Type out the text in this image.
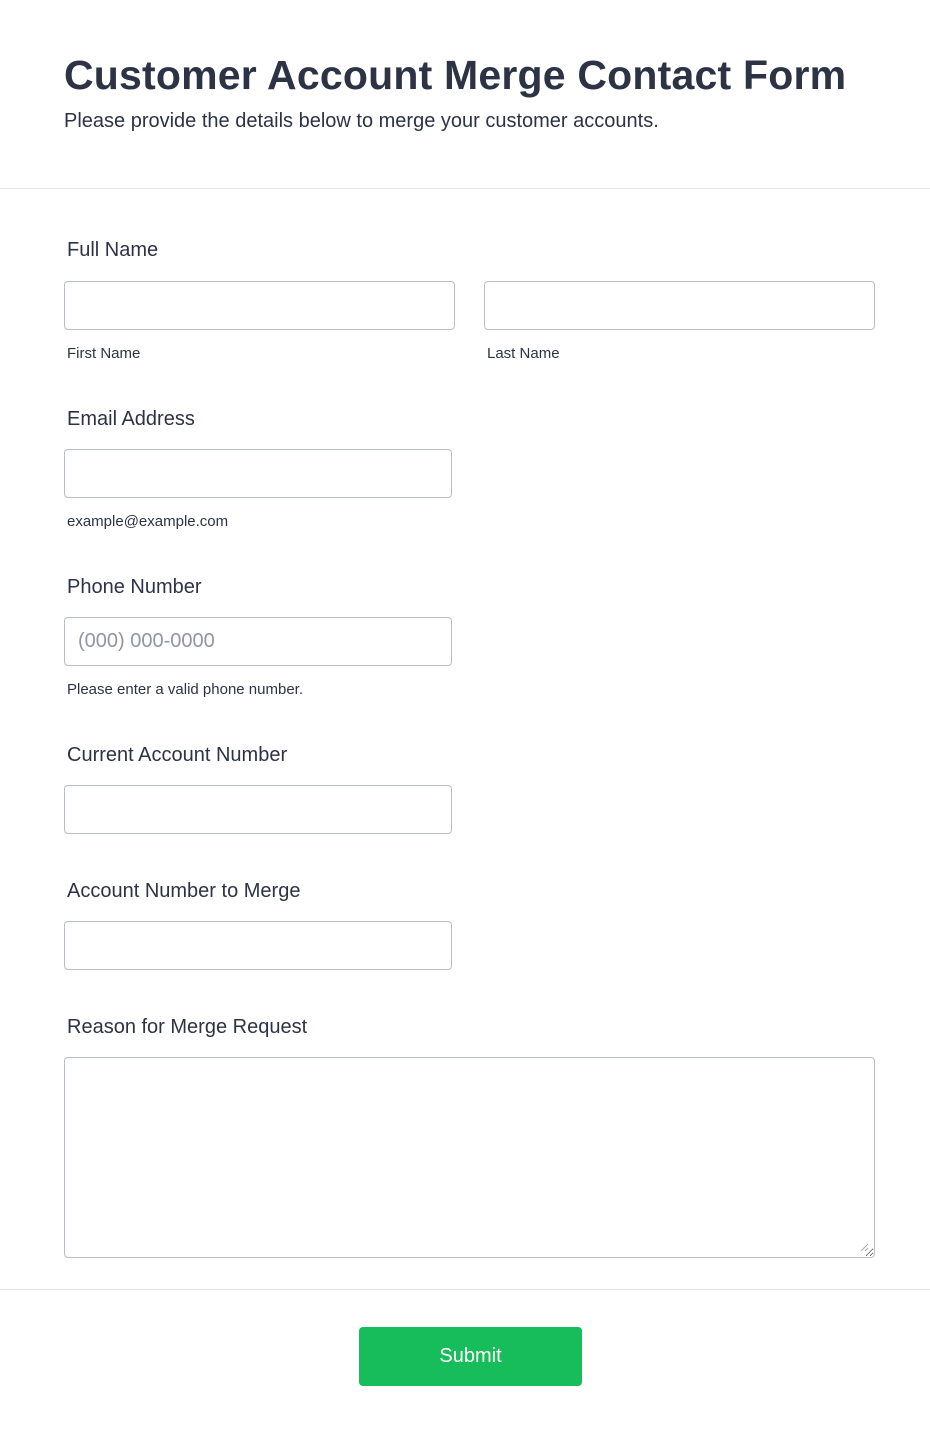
Customer Account Merge Contact Form
Please provide the details below to merge your customer accounts.
Full Name
First Name	Last Name
Email Address
example@example.com
Phone Number
(000) 000-0000
Please enter a valid phone number.
Current Account Number
Account Number to Merge
Reason for Merge Request
Submit
